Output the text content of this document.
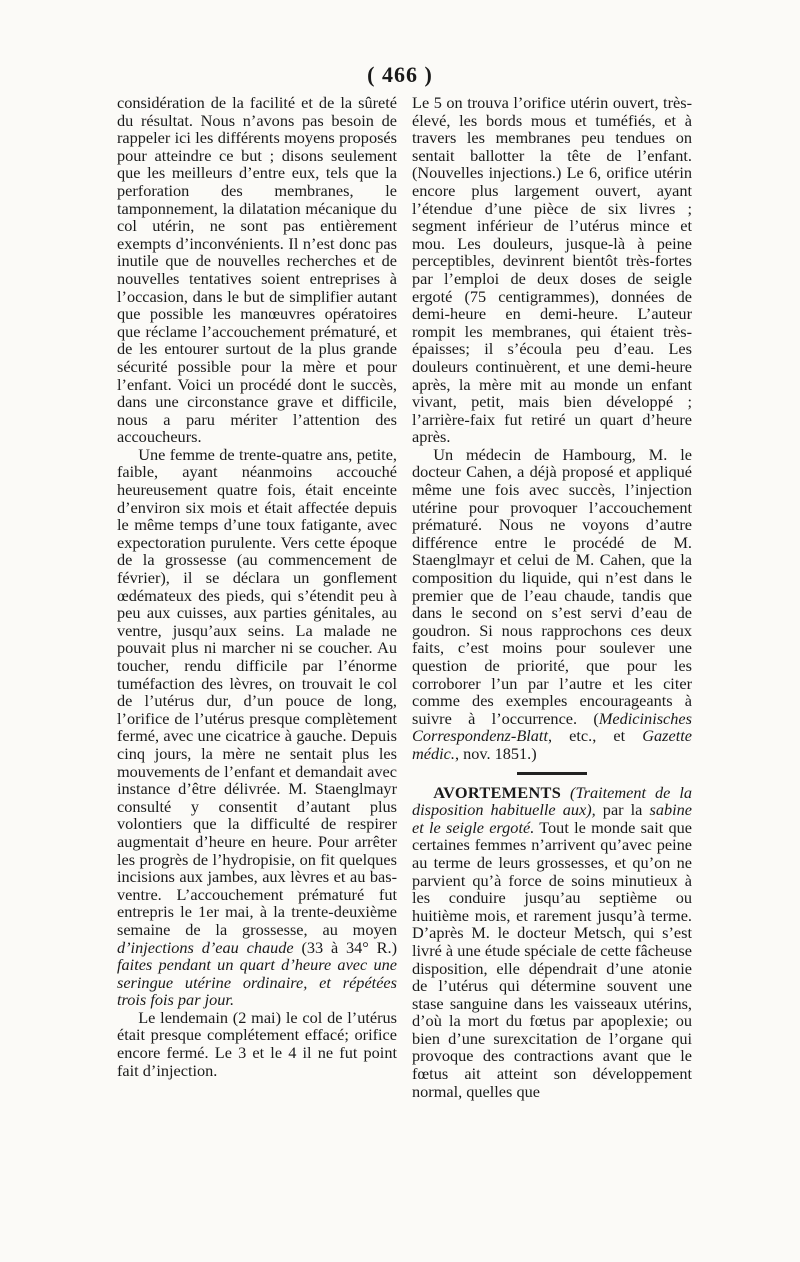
( 466 )

considération de la facilité et de la sûreté du résultat. Nous n’avons pas besoin de rappeler ici les différents moyens proposés pour atteindre ce but ; disons seulement que les meilleurs d’entre eux, tels que la perforation des membranes, le tamponnement, la dilatation mécanique du col utérin, ne sont pas entièrement exempts d’inconvénients. Il n’est donc pas inutile que de nouvelles recherches et de nouvelles tentatives soient entreprises à l’occasion, dans le but de simplifier autant que possible les manœuvres opératoires que réclame l’accouchement prématuré, et de les entourer surtout de la plus grande sécurité possible pour la mère et pour l’enfant. Voici un procédé dont le succès, dans une circonstance grave et difficile, nous a paru mériter l’attention des accoucheurs.

Une femme de trente-quatre ans, petite, faible, ayant néanmoins accouché heureusement quatre fois, était enceinte d’environ six mois et était affectée depuis le même temps d’une toux fatigante, avec expectoration purulente. Vers cette époque de la grossesse (au commencement de février), il se déclara un gonflement œdémateux des pieds, qui s’étendit peu à peu aux cuisses, aux parties génitales, au ventre, jusqu’aux seins. La malade ne pouvait plus ni marcher ni se coucher. Au toucher, rendu difficile par l’énorme tuméfaction des lèvres, on trouvait le col de l’utérus dur, d’un pouce de long, l’orifice de l’utérus presque complètement fermé, avec une cicatrice à gauche. Depuis cinq jours, la mère ne sentait plus les mouvements de l’enfant et demandait avec instance d’être délivrée. M. Staenglmayr consulté y consentit d’autant plus volontiers que la difficulté de respirer augmentait d’heure en heure. Pour arrêter les progrès de l’hydropisie, on fit quelques incisions aux jambes, aux lèvres et au bas-ventre. L’accouchement prématuré fut entrepris le 1er mai, à la trente-deuxième semaine de la grossesse, au moyen d’injections d’eau chaude (33 à 34° R.) faites pendant un quart d’heure avec une seringue utérine ordinaire, et répétées trois fois par jour.

Le lendemain (2 mai) le col de l’utérus était presque complétement effacé; orifice encore fermé. Le 3 et le 4 il ne fut point fait d’injection.

Le 5 on trouva l’orifice utérin ouvert, très-élevé, les bords mous et tuméfiés, et à travers les membranes peu tendues on sentait ballotter la tête de l’enfant. (Nouvelles injections.) Le 6, orifice utérin encore plus largement ouvert, ayant l’étendue d’une pièce de six livres ; segment inférieur de l’utérus mince et mou. Les douleurs, jusque-là à peine perceptibles, devinrent bientôt très-fortes par l’emploi de deux doses de seigle ergoté (75 centigrammes), données de demi-heure en demi-heure. L’auteur rompit les membranes, qui étaient très-épaisses; il s’écoula peu d’eau. Les douleurs continuèrent, et une demi-heure après, la mère mit au monde un enfant vivant, petit, mais bien développé ; l’arrière-faix fut retiré un quart d’heure après.

Un médecin de Hambourg, M. le docteur Cahen, a déjà proposé et appliqué même une fois avec succès, l’injection utérine pour provoquer l’accouchement prématuré. Nous ne voyons d’autre différence entre le procédé de M. Staenglmayr et celui de M. Cahen, que la composition du liquide, qui n’est dans le premier que de l’eau chaude, tandis que dans le second on s’est servi d’eau de goudron. Si nous rapprochons ces deux faits, c’est moins pour soulever une question de priorité, que pour les corroborer l’un par l’autre et les citer comme des exemples encourageants à suivre à l’occurrence. (Medicinisches Correspondenz-Blatt, etc., et Gazette médic., nov. 1851.)

AVORTEMENTS (Traitement de la disposition habituelle aux), par la sabine et le seigle ergoté. Tout le monde sait que certaines femmes n’arrivent qu’avec peine au terme de leurs grossesses, et qu’on ne parvient qu’à force de soins minutieux à les conduire jusqu’au septième ou huitième mois, et rarement jusqu’à terme. D’après M. le docteur Metsch, qui s’est livré à une étude spéciale de cette fâcheuse disposition, elle dépendrait d’une atonie de l’utérus qui détermine souvent une stase sanguine dans les vaisseaux utérins, d’où la mort du fœtus par apoplexie; ou bien d’une surexcitation de l’organe qui provoque des contractions avant que le fœtus ait atteint son développement normal, quelles que
